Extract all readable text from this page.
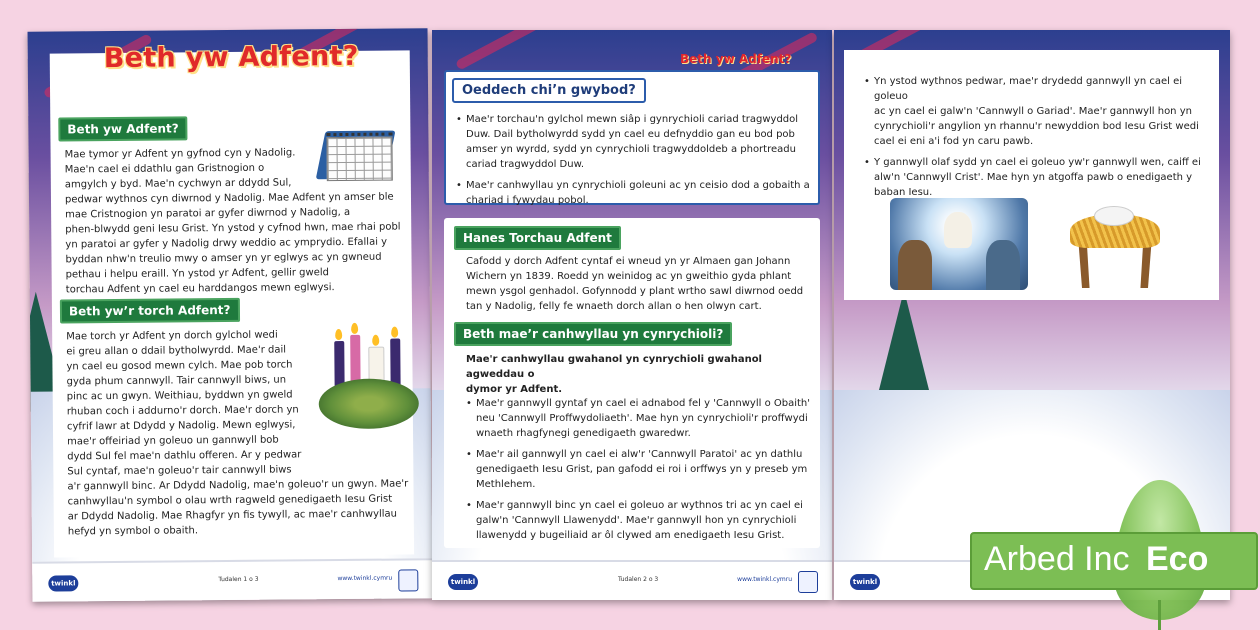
Beth yw Adfent?
Mae tymor yr Adfent yn gyfnod cyn y Nadolig.
Mae'n cael ei ddathlu gan Gristnogion o
amgylch y byd. Mae'n cychwyn ar ddydd Sul,
pedwar wythnos cyn diwrnod y Nadolig. Mae Adfent yn amser ble
mae Cristnogion yn paratoi ar gyfer diwrnod y Nadolig, a
phen-blwydd geni Iesu Grist. Yn ystod y cyfnod hwn, mae rhai pobl
yn paratoi ar gyfer y Nadolig drwy weddio ac ymprydio. Efallai y
byddan nhw'n treulio mwy o amser yn yr eglwys ac yn gwneud
pethau i helpu eraill. Yn ystod yr Adfent, gellir gweld
torchau Adfent yn cael eu harddangos mewn eglwysi.
Beth yw’r torch Adfent?
Mae torch yr Adfent yn dorch gylchol wedi
ei greu allan o ddail bytholwyrdd. Mae'r dail
yn cael eu gosod mewn cylch. Mae pob torch
gyda phum cannwyll. Tair cannwyll biws, un
pinc ac un gwyn. Weithiau, byddwn yn gweld
rhuban coch i addurno'r dorch. Mae'r dorch yn
cyfrif lawr at Ddydd y Nadolig. Mewn eglwysi,
mae'r offeiriad yn goleuo un gannwyll bob
dydd Sul fel mae'n dathlu offeren. Ar y pedwar
Sul cyntaf, mae'n goleuo'r tair cannwyll biws
a'r gannwyll binc. Ar Ddydd Nadolig, mae'n goleuo'r un gwyn. Mae'r
canhwyllau'n symbol o olau wrth ragweld genedigaeth Iesu Grist
ar Ddydd Nadolig. Mae Rhagfyr yn fis tywyll, ac mae'r canhwyllau
hefyd yn symbol o obaith.
Beth yw Adfent?
twinkl	Tudalen 1 o 3	www.twinkl.cymru
Beth yw Adfent?
Oeddech chi’n gwybod?
• Mae'r torchau'n gylchol mewn siâp i gynrychioli cariad tragwyddol
Duw. Dail bytholwyrdd sydd yn cael eu defnyddio gan eu bod pob
amser yn wyrdd, sydd yn cynrychioli tragwyddoldeb a phortreadu
cariad tragwyddol Duw.
• Mae'r canhwyllau yn cynrychioli goleuni ac yn ceisio dod a gobaith a
chariad i fywydau pobol.
Hanes Torchau Adfent
Cafodd y dorch Adfent cyntaf ei wneud yn yr Almaen gan Johann
Wichern yn 1839. Roedd yn weinidog ac yn gweithio gyda phlant
mewn ysgol genhadol. Gofynnodd y plant wrtho sawl diwrnod oedd
tan y Nadolig, felly fe wnaeth dorch allan o hen olwyn cart.
Beth mae’r canhwyllau yn cynrychioli?
Mae'r canhwyllau gwahanol yn cynrychioli gwahanol agweddau o
dymor yr Adfent.
• Mae'r gannwyll gyntaf yn cael ei adnabod fel y 'Cannwyll o Obaith'
neu 'Cannwyll Proffwydoliaeth'. Mae hyn yn cynrychioli'r proffwydi
wnaeth rhagfynegi genedigaeth gwaredwr.
• Mae'r ail gannwyll yn cael ei alw'r 'Cannwyll Paratoi' ac yn dathlu
genedigaeth Iesu Grist, pan gafodd ei roi i orffwys yn y preseb ym
Methlehem.
• Mae'r gannwyll binc yn cael ei goleuo ar wythnos tri ac yn cael ei
galw'n 'Cannwyll Llawenydd'. Mae'r gannwyll hon yn cynrychioli
llawenydd y bugeiliaid ar ôl clywed am enedigaeth Iesu Grist.
twinkl	Tudalen 2 o 3	www.twinkl.cymru
• Yn ystod wythnos pedwar, mae'r drydedd gannwyll yn cael ei goleuo
ac yn cael ei galw'n 'Cannwyll o Gariad'. Mae'r gannwyll hon yn
cynrychioli'r angylion yn rhannu'r newyddion bod Iesu Grist wedi
cael ei eni a'i fod yn caru pawb.
• Y gannwyll olaf sydd yn cael ei goleuo yw'r gannwyll wen, caiff ei
alw'n 'Cannwyll Crist'. Mae hyn yn atgoffa pawb o enedigaeth y
baban Iesu.
twinkl
Arbed Inc Eco
